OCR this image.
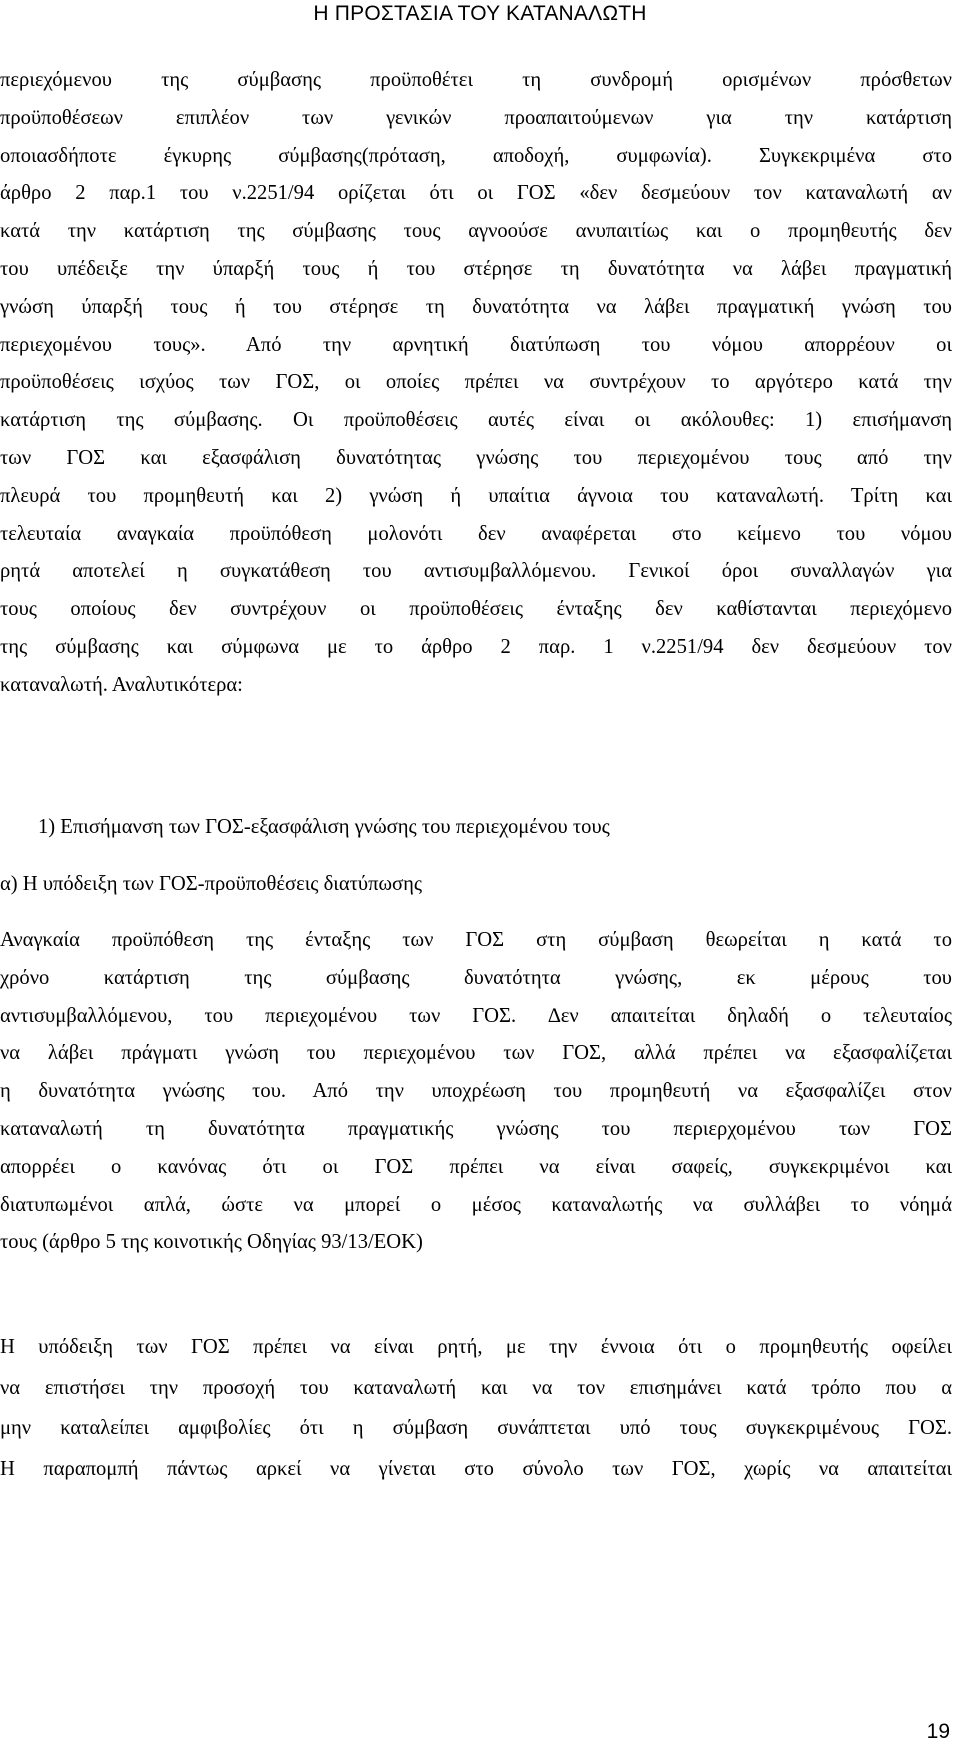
Η ΠΡΟΣΤΑΣΙΑ ΤΟΥ ΚΑΤΑΝΑΛΩΤΗ
περιεχόμενου της σύμβασης προϋποθέτει τη συνδρομή ορισμένων πρόσθετων
προϋποθέσεων επιπλέον των γενικών προαπαιτούμενων για την κατάρτιση
οποιασδήποτε έγκυρης σύμβασης(πρόταση, αποδοχή, συμφωνία). Συγκεκριμένα στο
άρθρο 2 παρ.1 του ν.2251/94 ορίζεται ότι οι ΓΟΣ «δεν δεσμεύουν τον καταναλωτή αν
κατά την κατάρτιση της σύμβασης τους αγνοούσε ανυπαιτίως και ο προμηθευτής δεν
του υπέδειξε την ύπαρξή τους ή του στέρησε τη δυνατότητα να λάβει πραγματική
γνώση ύπαρξή τους ή του στέρησε τη δυνατότητα να λάβει πραγματική γνώση του
περιεχομένου τους». Από την αρνητική διατύπωση του νόμου απορρέουν οι
προϋποθέσεις ισχύος των ΓΟΣ, οι οποίες πρέπει να συντρέχουν το αργότερο κατά την
κατάρτιση της σύμβασης. Οι προϋποθέσεις αυτές είναι οι ακόλουθες: 1) επισήμανση
των ΓΟΣ και εξασφάλιση δυνατότητας γνώσης του περιεχομένου τους από την
πλευρά του προμηθευτή και 2) γνώση ή υπαίτια άγνοια του καταναλωτή. Τρίτη και
τελευταία αναγκαία προϋπόθεση μολονότι δεν αναφέρεται στο κείμενο του νόμου
ρητά αποτελεί η συγκατάθεση του αντισυμβαλλόμενου. Γενικοί όροι συναλλαγών για
τους οποίους δεν συντρέχουν οι προϋποθέσεις ένταξης δεν καθίστανται περιεχόμενο
της σύμβασης και σύμφωνα με το άρθρο 2 παρ. 1 ν.2251/94 δεν δεσμεύουν τον
καταναλωτή. Αναλυτικότερα:
1) Επισήμανση των ΓΟΣ-εξασφάλιση γνώσης του περιεχομένου τους
α) Η υπόδειξη των ΓΟΣ-προϋποθέσεις διατύπωσης
Αναγκαία προϋπόθεση της ένταξης των ΓΟΣ στη σύμβαση θεωρείται η κατά το
χρόνο κατάρτιση της σύμβασης δυνατότητα γνώσης, εκ μέρους του
αντισυμβαλλόμενου, του περιεχομένου των ΓΟΣ. ∆εν απαιτείται δηλαδή ο τελευταίος
να λάβει πράγματι γνώση του περιεχομένου των ΓΟΣ, αλλά πρέπει να εξασφαλίζεται
η δυνατότητα γνώσης του. Από την υποχρέωση του προμηθευτή να εξασφαλίζει στον
καταναλωτή τη δυνατότητα πραγματικής γνώσης του περιερχομένου των ΓΟΣ
απορρέει ο κανόνας ότι οι ΓΟΣ πρέπει να είναι σαφείς, συγκεκριμένοι και
διατυπωμένοι απλά, ώστε να μπορεί ο μέσος καταναλωτής να συλλάβει το νόημά
τους (άρθρο 5 της κοινοτικής Οδηγίας 93/13/ΕΟΚ)
Η υπόδειξη των ΓΟΣ πρέπει να είναι ρητή, με την έννοια ότι ο προμηθευτής οφείλει
να επιστήσει την προσοχή του καταναλωτή και να τον επισημάνει κατά τρόπο που α
μην καταλείπει αμφιβολίες ότι η σύμβαση συνάπτεται υπό τους συγκεκριμένους ΓΟΣ.
Η παραπομπή πάντως αρκεί να γίνεται στο σύνολο των ΓΟΣ, χωρίς να απαιτείται
19
